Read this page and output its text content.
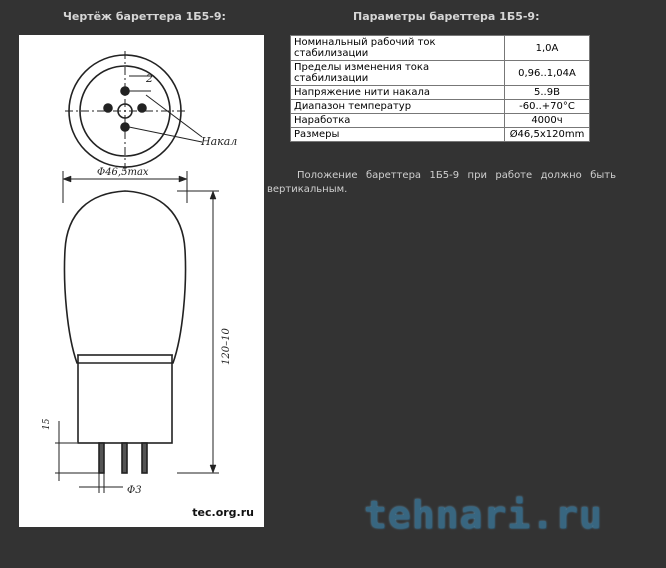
Чертёж бареттера 1Б5-9:	Параметры бареттера 1Б5-9:
2
Накал
Φ46,5max
120–10
15
Φ3
tec.org.ru
Номинальный рабочий ток стабилизации	1,0А
Пределы изменения тока стабилизации	0,96..1,04А
Напряжение нити накала	5..9В
Диапазон температур	-60..+70°С
Наработка	4000ч
Размеры	Ø46,5х120mm
Положение бареттера 1Б5-9 при работе должно быть вертикальным.
tehnari.ru
